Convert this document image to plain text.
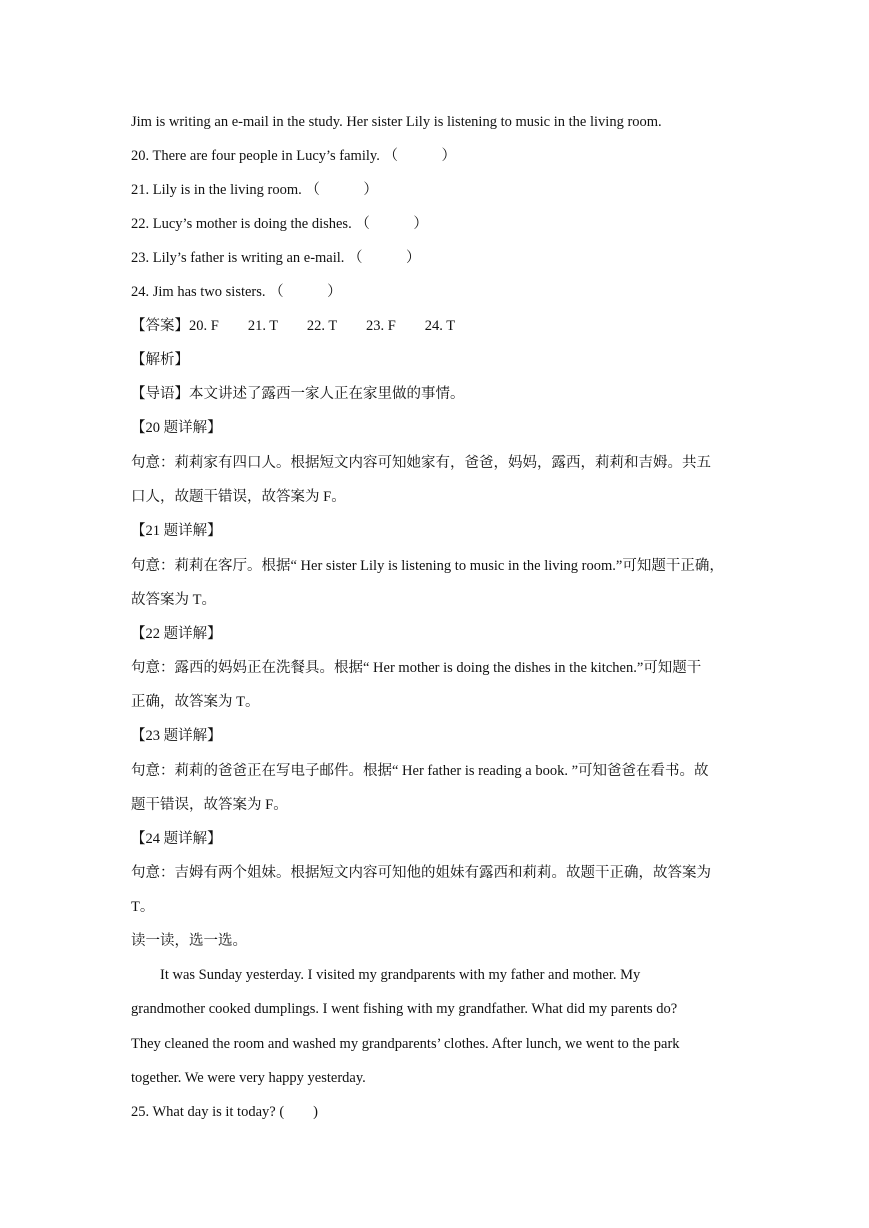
Jim is writing an e-mail in the study. Her sister Lily is listening to music in the living room.
20. There are four people in Lucy’s family. （　　　）
21. Lily is in the living room. （　　　）
22. Lucy’s mother is doing the dishes. （　　　）
23. Lily’s father is writing an e-mail. （　　　）
24. Jim has two sisters. （　　　）
【答案】20. F　　21. T　　22. T　　23. F　　24. T
【解析】
【导语】本文讲述了露西一家人正在家里做的事情。
【20 题详解】
句意：莉莉家有四口人。根据短文内容可知她家有，爸爸，妈妈，露西，莉莉和吉姆。共五
口人，故题干错误，故答案为 F。
【21 题详解】
句意：莉莉在客厅。根据“ Her sister Lily is listening to music in the living room.”可知题干正确，
故答案为 T。
【22 题详解】
句意：露西的妈妈正在洗餐具。根据“ Her mother is doing the dishes in the kitchen.”可知题干
正确，故答案为 T。
【23 题详解】
句意：莉莉的爸爸正在写电子邮件。根据“ Her father is reading a book. ”可知爸爸在看书。故
题干错误，故答案为 F。
【24 题详解】
句意：吉姆有两个姐妹。根据短文内容可知他的姐妹有露西和莉莉。故题干正确，故答案为
T。
读一读，选一选。
It was Sunday yesterday. I visited my grandparents with my father and mother. My
grandmother cooked dumplings. I went fishing with my grandfather. What did my parents do?
They cleaned the room and washed my grandparents’ clothes. After lunch, we went to the park
together. We were very happy yesterday.
25. What day is it today? (　　)
